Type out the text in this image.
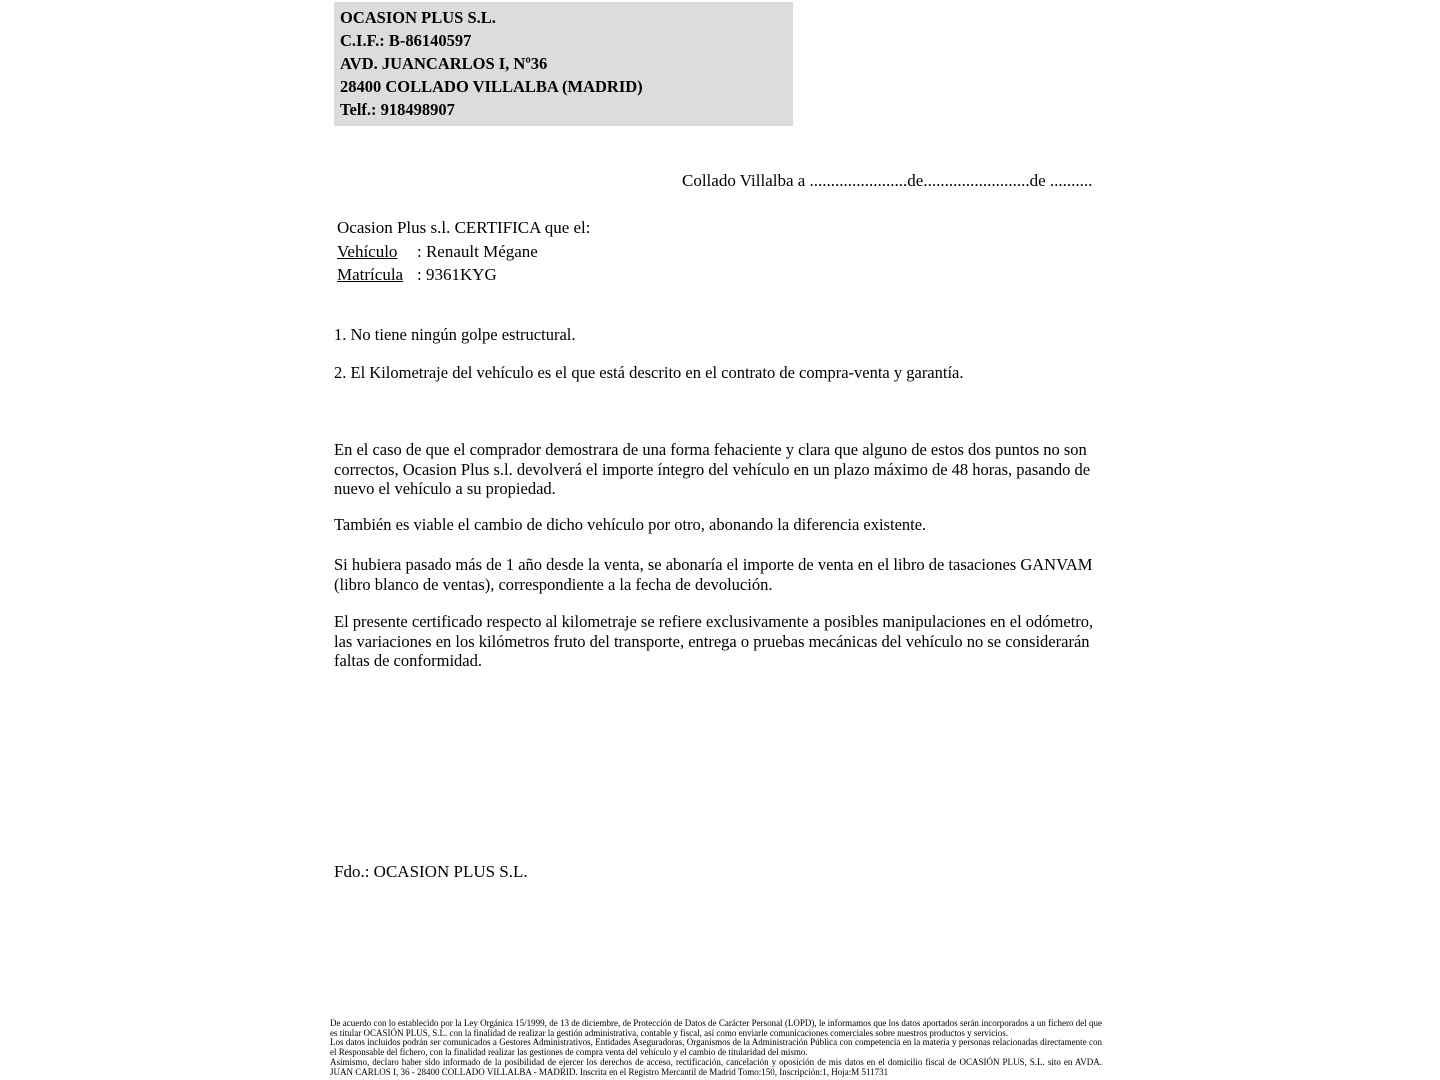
OCASION PLUS S.L.
C.I.F.: B-86140597
AVD. JUANCARLOS I, Nº36
28400 COLLADO VILLALBA (MADRID)
Telf.: 918498907
Collado Villalba a .......................de.........................de ..........
Ocasion Plus s.l. CERTIFICA que el:
Vehículo : Renault Mégane
Matrícula : 9361KYG
1. No tiene ningún golpe estructural.
2. El Kilometraje del vehículo es el que está descrito en el contrato de compra-venta y garantía.
En el caso de que el comprador demostrara de una forma fehaciente y clara que alguno de estos dos puntos no son correctos, Ocasion Plus s.l. devolverá el importe íntegro del vehículo en un plazo máximo de 48 horas, pasando de nuevo el vehículo a su propiedad.
También es viable el cambio de dicho vehículo por otro, abonando la diferencia existente.
Si hubiera pasado más de 1 año desde la venta, se abonaría el importe de venta en el libro de tasaciones GANVAM (libro blanco de ventas), correspondiente a la fecha de devolución.
El presente certificado respecto al kilometraje se refiere exclusivamente a posibles manipulaciones en el odómetro, las variaciones en los kilómetros fruto del transporte, entrega o pruebas mecánicas del vehículo no se considerarán faltas de conformidad.
Fdo.: OCASION PLUS S.L.

De acuerdo con lo establecido por la Ley Orgánica 15/1999, de 13 de diciembre, de Protección de Datos de Carácter Personal (LOPD), le informamos que los datos aportados serán incorporados a un fichero del que es titular OCASIÓN PLUS, S.L. con la finalidad de realizar la gestión administrativa, contable y fiscal, así como enviarle comunicaciones comerciales sobre nuestros productos y servicios.

Los datos incluidos podrán ser comunicados a Gestores Administrativos, Entidades Aseguradoras, Organismos de la Administración Pública con competencia en la materia y personas relacionadas directamente con el Responsable del fichero, con la finalidad realizar las gestiones de compra venta del vehículo y el cambio de titularidad del mismo.

Asimismo, declaro haber sido informado de la posibilidad de ejercer los derechos de acceso, rectificación, cancelación y oposición de mis datos en el domicilio fiscal de OCASIÓN PLUS, S.L. sito en AVDA. JUAN CARLOS I, 36 - 28400 COLLADO VILLALBA - MADRID. Inscrita en el Registro Mercantil de Madrid Tomo:150, Inscripción:1, Hoja:M 511731
